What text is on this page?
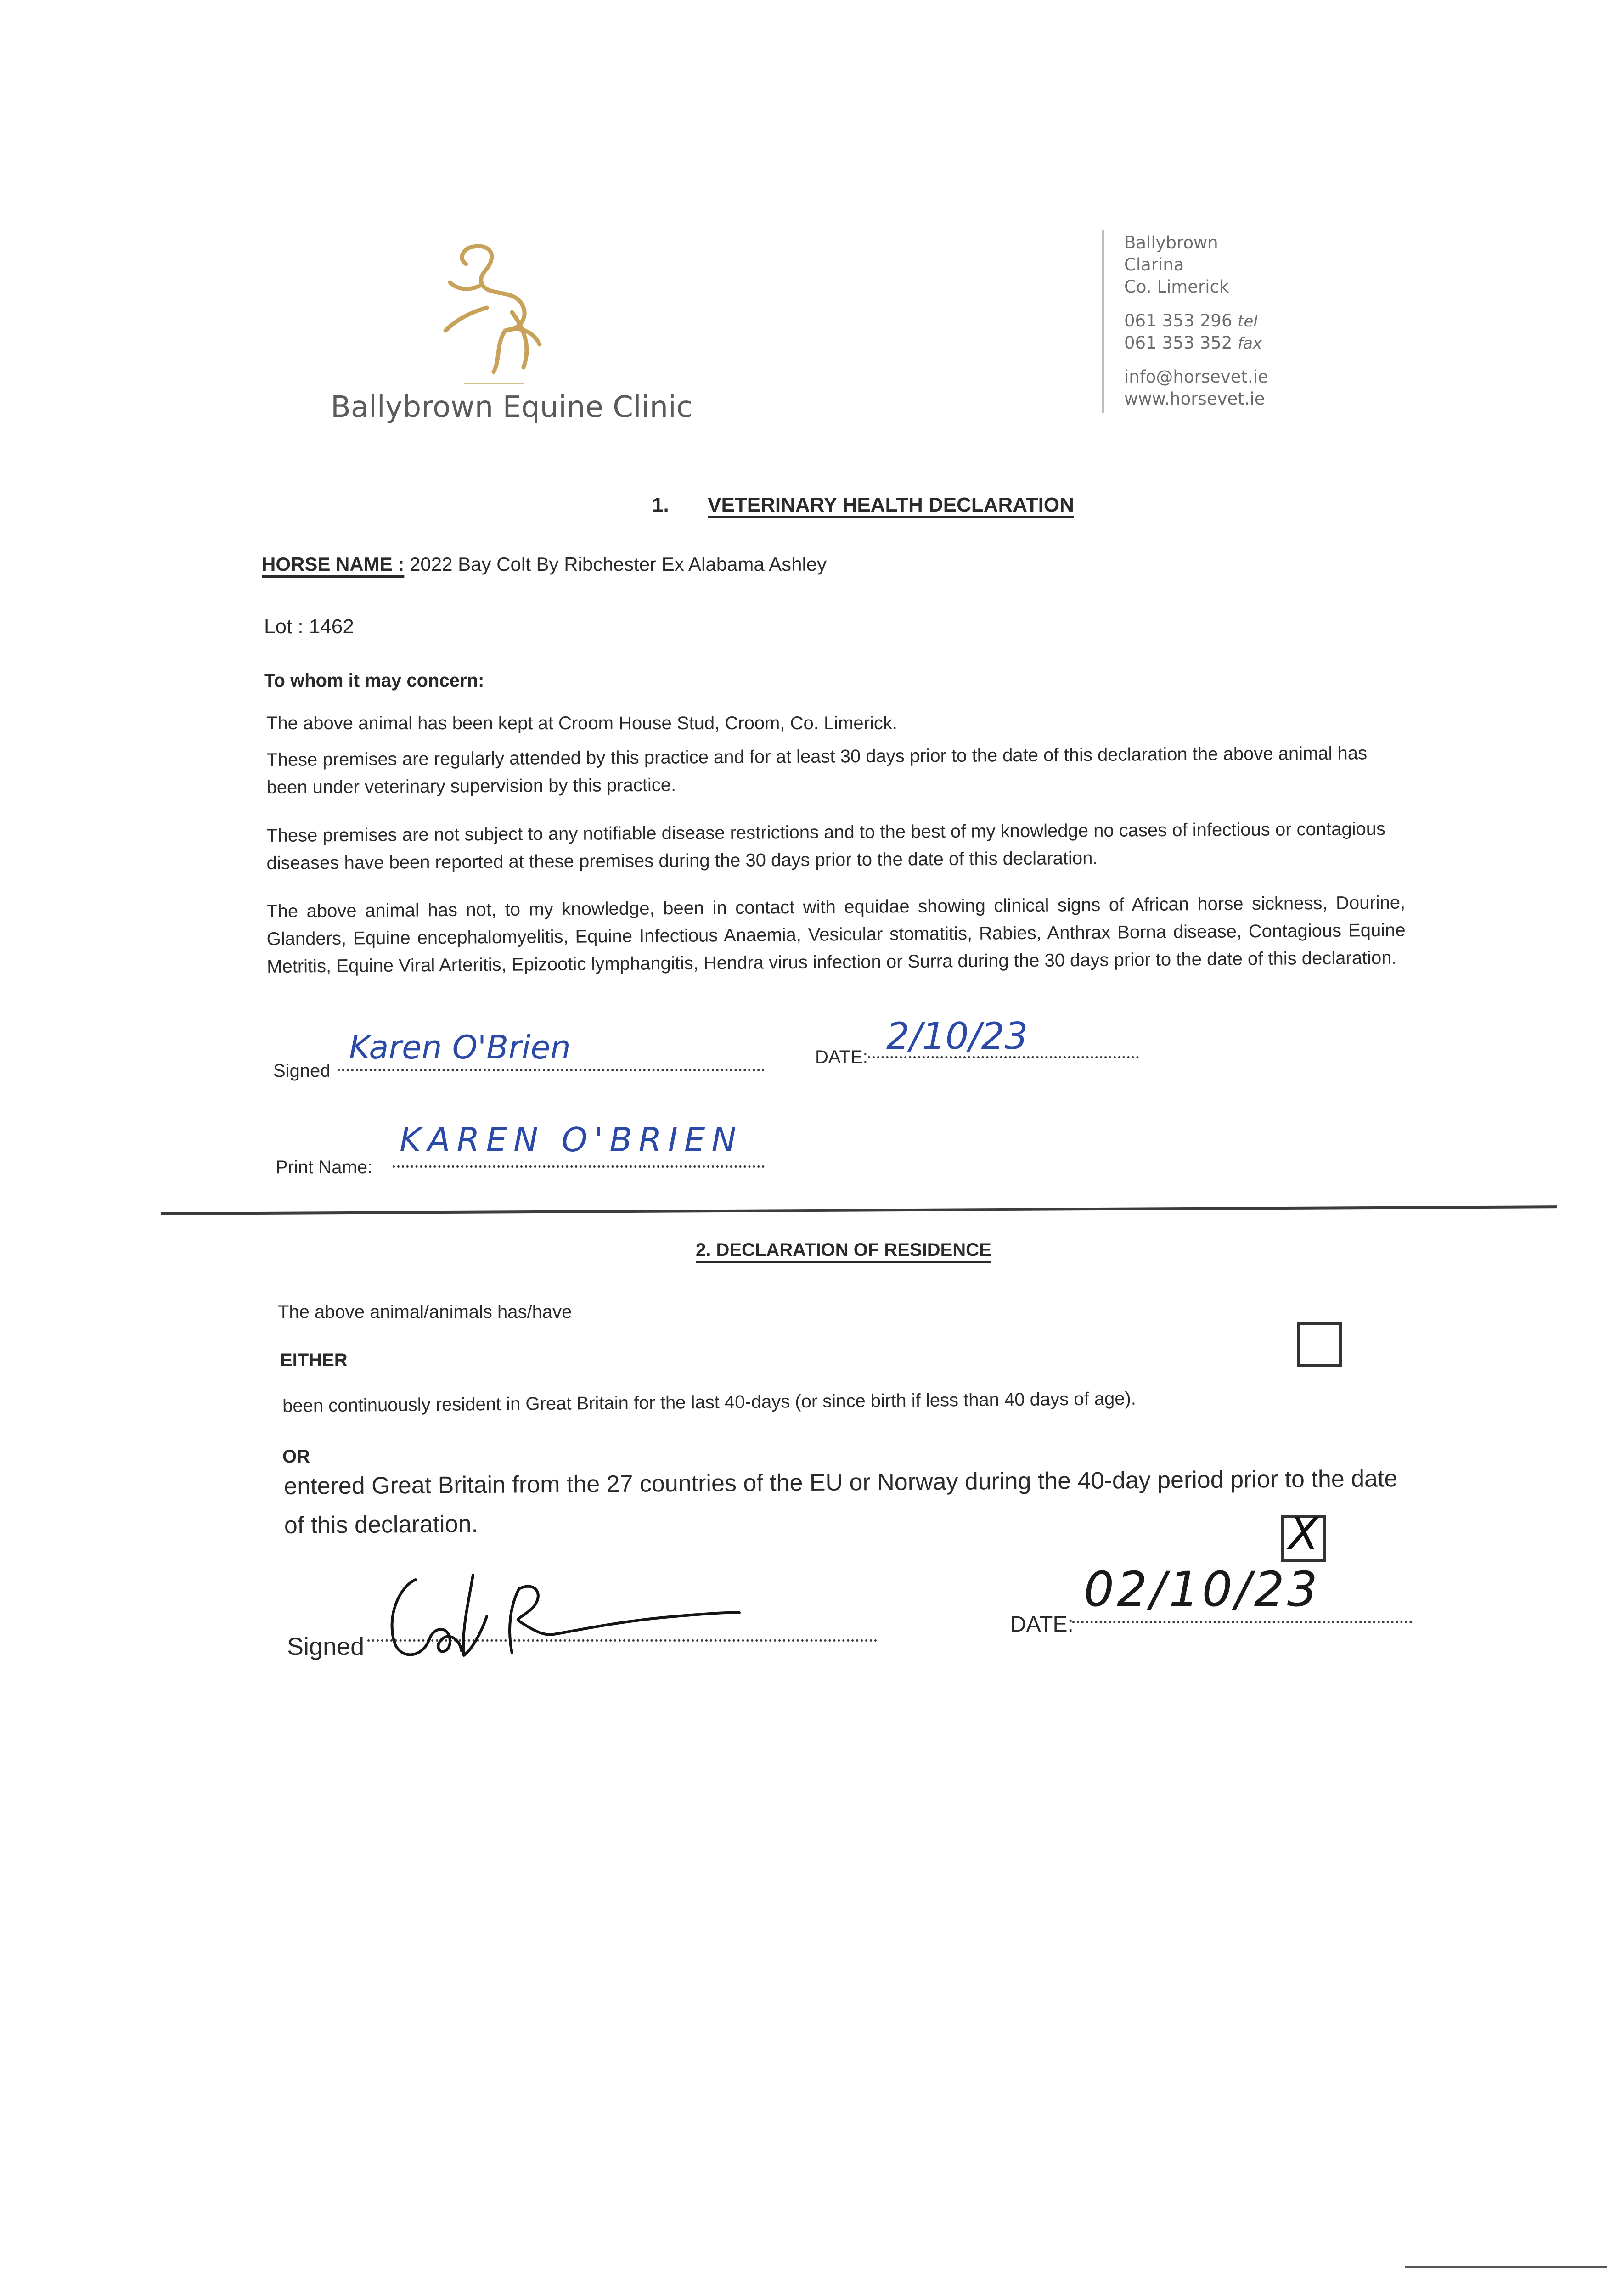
Ballybrown Equine Clinic
Ballybrown
Clarina
Co. Limerick
061 353 296 tel
061 353 352 fax
info@horsevet.ie
www.horsevet.ie
1. VETERINARY HEALTH DECLARATION
HORSE NAME : 2022 Bay Colt By Ribchester Ex Alabama Ashley
Lot : 1462
To whom it may concern:
The above animal has been kept at Croom House Stud, Croom, Co. Limerick.
These premises are regularly attended by this practice and for at least 30 days prior to the date of this declaration the above animal has been under veterinary supervision by this practice.
These premises are not subject to any notifiable disease restrictions and to the best of my knowledge no cases of infectious or contagious diseases have been reported at these premises during the 30 days prior to the date of this declaration.
The above animal has not, to my knowledge, been in contact with equidae showing clinical signs of African horse sickness, Dourine, Glanders, Equine encephalomyelitis, Equine Infectious Anaemia, Vesicular stomatitis, Rabies, Anthrax Borna disease, Contagious Equine Metritis, Equine Viral Arteritis, Epizootic lymphangitis, Hendra virus infection or Surra during the 30 days prior to the date of this declaration.
Signed
Karen O'Brien	DATE: 2/10/23
Print Name:
KAREN O'BRIEN
2. DECLARATION OF RESIDENCE
The above animal/animals has/have
EITHER
been continuously resident in Great Britain for the last 40-days (or since birth if less than 40 days of age).
OR
entered Great Britain from the 27 countries of the EU or Norway during the 40-day period prior to the date of this declaration.	X
Signed
DATE:
02/10/23
